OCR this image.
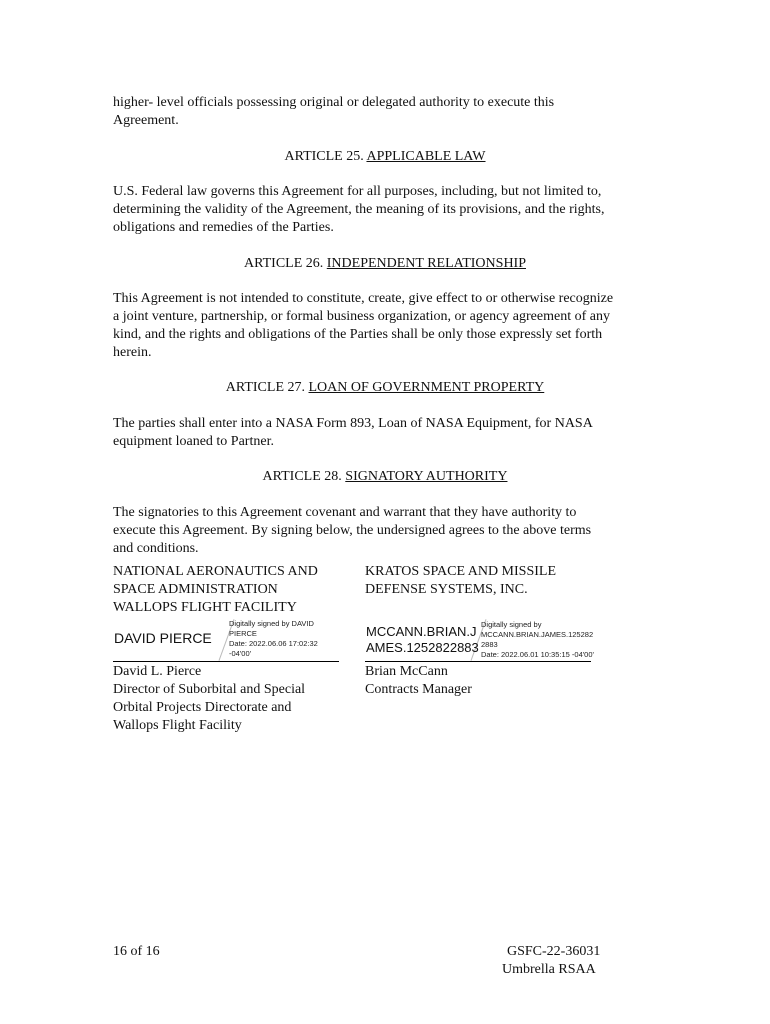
higher- level officials possessing original or delegated authority to execute this

Agreement.

ARTICLE 25. APPLICABLE LAW

U.S. Federal law governs this Agreement for all purposes, including, but not limited to,

determining the validity of the Agreement, the meaning of its provisions, and the rights,

obligations and remedies of the Parties.

ARTICLE 26. INDEPENDENT RELATIONSHIP

This Agreement is not intended to constitute, create, give effect to or otherwise recognize

a joint venture, partnership, or formal business organization, or agency agreement of any

kind, and the rights and obligations of the Parties shall be only those expressly set forth

herein.

ARTICLE 27. LOAN OF GOVERNMENT PROPERTY

The parties shall enter into a NASA Form 893, Loan of NASA Equipment, for NASA

equipment loaned to Partner.

ARTICLE 28. SIGNATORY AUTHORITY

The signatories to this Agreement covenant and warrant that they have authority to

execute this Agreement. By signing below, the undersigned agrees to the above terms

and conditions.

NATIONAL AERONAUTICS AND

SPACE ADMINISTRATION

WALLOPS FLIGHT FACILITY

DAVID PIERCE

Digitally signed by DAVID

PIERCE

Date: 2022.06.06 17:02:32

-04'00'

David L. Pierce

Director of Suborbital and Special

Orbital Projects Directorate and

Wallops Flight Facility

KRATOS SPACE AND MISSILE

DEFENSE SYSTEMS, INC.

MCCANN.BRIAN.J

AMES.1252822883

Digitally signed by

MCCANN.BRIAN.JAMES.125282

2883

Date: 2022.06.01 10:35:15 -04'00'

Brian McCann

Contracts Manager

16 of 16	GSFC-22-36031

Umbrella RSAA
